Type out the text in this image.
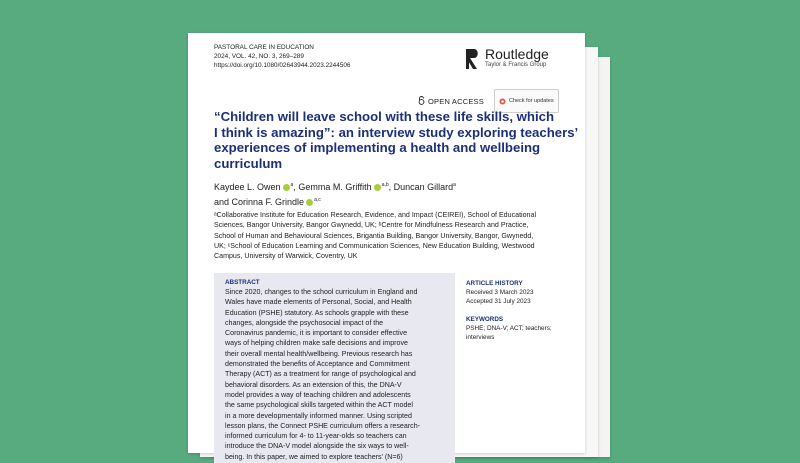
PASTORAL CARE IN EDUCATION
2024, VOL. 42, NO. 3, 269–289
https://doi.org/10.1080/02643944.2023.2244506
Routledge
Taylor & Francis Group
OPEN ACCESS	Check for updates
“Children will leave school with these life skills, which
I think is amazing”: an interview study exploring teachers’
experiences of implementing a health and wellbeing
curriculum
Kaydee L. Owen $^a$, Gemma M. Griffith $^{a,b}$, Duncan Gillard$^a$
and Corinna F. Grindle $^{a,c}$
ᵃCollaborative Institute for Education Research, Evidence, and Impact (CEIREI), School of Educational
Sciences, Bangor University, Bangor Gwynedd, UK; ᵇCentre for Mindfulness Research and Practice,
School of Human and Behavioural Sciences, Brigantia Building, Bangor University, Bangor, Gwynedd,
UK; ᶜSchool of Education Learning and Communication Sciences, New Education Building, Westwood
Campus, University of Warwick, Coventry, UK
ABSTRACT
Since 2020, changes to the school curriculum in England and
Wales have made elements of Personal, Social, and Health
Education (PSHE) statutory. As schools grapple with these
changes, alongside the psychosocial impact of the
Coronavirus pandemic, it is important to consider effective
ways of helping children make safe decisions and improve
their overall mental health/wellbeing. Previous research has
demonstrated the benefits of Acceptance and Commitment
Therapy (ACT) as a treatment for range of psychological and
behavioral disorders. As an extension of this, the DNA-V
model provides a way of teaching children and adolescents
the same psychological skills targeted within the ACT model
in a more developmentally informed manner. Using scripted
lesson plans, the Connect PSHE curriculum offers a research-
informed curriculum for 4- to 11-year-olds so teachers can
introduce the DNA-V model alongside the six ways to well-
being. In this paper, we aimed to explore teachers’ (N=6)
ARTICLE HISTORY
Received 3 March 2023
Accepted 31 July 2023
KEYWORDS
PSHE; DNA-V; ACT; teachers;
interviews
